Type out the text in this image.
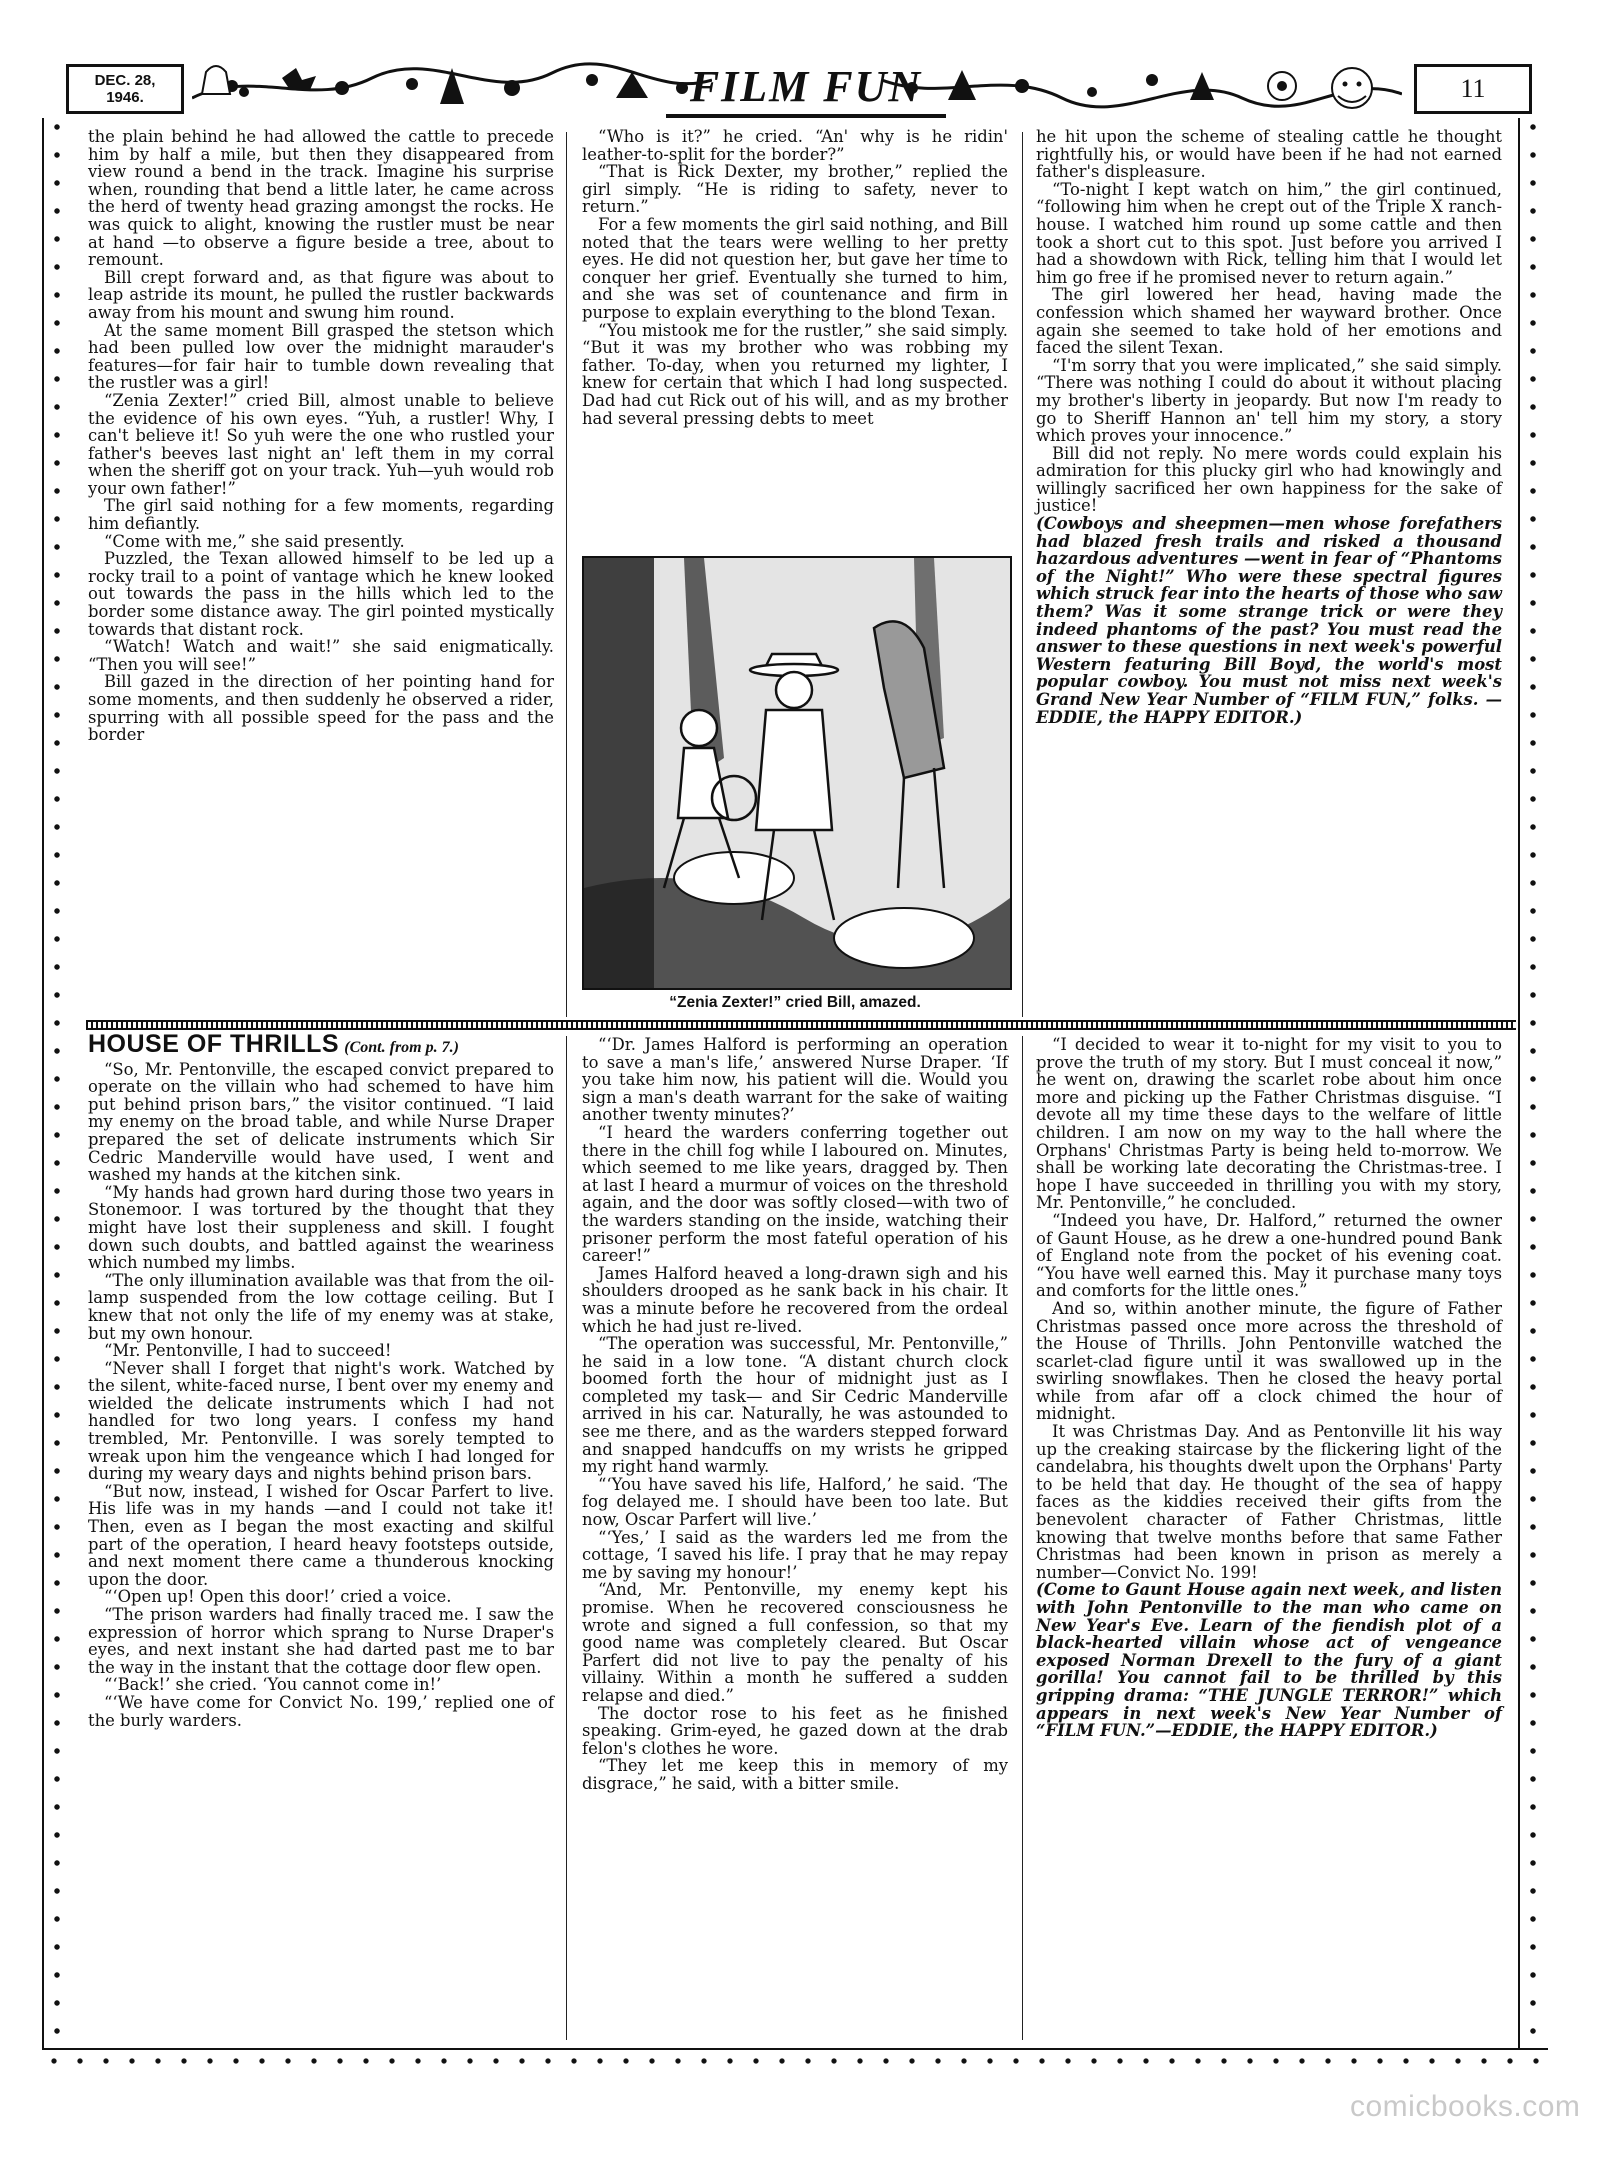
DEC. 28,
1946.	FILM FUN	11

the plain behind he had allowed the cattle to precede him by half a mile, but then they disappeared from view round a bend in the track. Imagine his surprise when, rounding that bend a little later, he came across the herd of twenty head grazing amongst the rocks. He was quick to alight, knowing the rustler must be near at hand —to observe a figure beside a tree, about to remount.

Bill crept forward and, as that figure was about to leap astride its mount, he pulled the rustler backwards away from his mount and swung him round.

At the same moment Bill grasped the stetson which had been pulled low over the midnight marauder's features—for fair hair to tumble down revealing that the rustler was a girl!

“Zenia Zexter!” cried Bill, almost unable to believe the evidence of his own eyes. “Yuh, a rustler! Why, I can't believe it! So yuh were the one who rustled your father's beeves last night an' left them in my corral when the sheriff got on your track. Yuh—yuh would rob your own father!”

The girl said nothing for a few moments, regarding him defiantly.

“Come with me,” she said presently.

Puzzled, the Texan allowed himself to be led up a rocky trail to a point of vantage which he knew looked out towards the pass in the hills which led to the border some distance away. The girl pointed mystically towards that distant rock.

“Watch! Watch and wait!” she said enigmatically. “Then you will see!”

Bill gazed in the direction of her pointing hand for some moments, and then suddenly he observed a rider, spurring with all possible speed for the pass and the border

“Who is it?” he cried. “An' why is he ridin' leather-to-split for the border?”

“That is Rick Dexter, my brother,” replied the girl simply. “He is riding to safety, never to return.”

For a few moments the girl said nothing, and Bill noted that the tears were welling to her pretty eyes. He did not question her, but gave her time to conquer her grief. Eventually she turned to him, and she was set of countenance and firm in purpose to explain everything to the blond Texan.

“You mistook me for the rustler,” she said simply. “But it was my brother who was robbing my father. To-day, when you returned my lighter, I knew for certain that which I had long suspected. Dad had cut Rick out of his will, and as my brother had several pressing debts to meet

he hit upon the scheme of stealing cattle he thought rightfully his, or would have been if he had not earned father's displeasure.

“To-night I kept watch on him,” the girl continued, “following him when he crept out of the Triple X ranch-house. I watched him round up some cattle and then took a short cut to this spot. Just before you arrived I had a showdown with Rick, telling him that I would let him go free if he promised never to return again.”

The girl lowered her head, having made the confession which shamed her wayward brother. Once again she seemed to take hold of her emotions and faced the silent Texan.

“I'm sorry that you were implicated,” she said simply. “There was nothing I could do about it without placing my brother's liberty in jeopardy. But now I'm ready to go to Sheriff Hannon an' tell him my story, a story which proves your innocence.”

Bill did not reply. No mere words could explain his admiration for this plucky girl who had knowingly and willingly sacrificed her own happiness for the sake of justice!

(Cowboys and sheepmen—men whose forefathers had blazed fresh trails and risked a thousand hazardous adventures —went in fear of “Phantoms of the Night!” Who were these spectral figures which struck fear into the hearts of those who saw them? Was it some strange trick or were they indeed phantoms of the past? You must read the answer to these questions in next week's powerful Western featuring Bill Boyd, the world's most popular cowboy. You must not miss next week's Grand New Year Number of “FILM FUN,” folks. —EDDIE, the HAPPY EDITOR.)

“Zenia Zexter!” cried Bill, amazed.
HOUSE OF THRILLS (Cont. from p. 7.)

“So, Mr. Pentonville, the escaped convict prepared to operate on the villain who had schemed to have him put behind prison bars,” the visitor continued. “I laid my enemy on the broad table, and while Nurse Draper prepared the set of delicate instruments which Sir Cedric Manderville would have used, I went and washed my hands at the kitchen sink.

“My hands had grown hard during those two years in Stonemoor. I was tortured by the thought that they might have lost their suppleness and skill. I fought down such doubts, and battled against the weariness which numbed my limbs.

“The only illumination available was that from the oil-lamp suspended from the low cottage ceiling. But I knew that not only the life of my enemy was at stake, but my own honour.

“Mr. Pentonville, I had to succeed!

“Never shall I forget that night's work. Watched by the silent, white-faced nurse, I bent over my enemy and wielded the delicate instruments which I had not handled for two long years. I confess my hand trembled, Mr. Pentonville. I was sorely tempted to wreak upon him the vengeance which I had longed for during my weary days and nights behind prison bars.

“But now, instead, I wished for Oscar Parfert to live. His life was in my hands —and I could not take it! Then, even as I began the most exacting and skilful part of the operation, I heard heavy footsteps outside, and next moment there came a thunderous knocking upon the door.

“‘Open up! Open this door!’ cried a voice.

“The prison warders had finally traced me. I saw the expression of horror which sprang to Nurse Draper's eyes, and next instant she had darted past me to bar the way in the instant that the cottage door flew open.

“‘Back!’ she cried. ‘You cannot come in!’

“‘We have come for Convict No. 199,’ replied one of the burly warders.

“‘Dr. James Halford is performing an operation to save a man's life,’ answered Nurse Draper. ‘If you take him now, his patient will die. Would you sign a man's death warrant for the sake of waiting another twenty minutes?’

“I heard the warders conferring together out there in the chill fog while I laboured on. Minutes, which seemed to me like years, dragged by. Then at last I heard a murmur of voices on the threshold again, and the door was softly closed—with two of the warders standing on the inside, watching their prisoner perform the most fateful operation of his career!”

James Halford heaved a long-drawn sigh and his shoulders drooped as he sank back in his chair. It was a minute before he recovered from the ordeal which he had just re-lived.

“The operation was successful, Mr. Pentonville,” he said in a low tone. “A distant church clock boomed forth the hour of midnight just as I completed my task— and Sir Cedric Manderville arrived in his car. Naturally, he was astounded to see me there, and as the warders stepped forward and snapped handcuffs on my wrists he gripped my right hand warmly.

“‘You have saved his life, Halford,’ he said. ‘The fog delayed me. I should have been too late. But now, Oscar Parfert will live.’

“‘Yes,’ I said as the warders led me from the cottage, ‘I saved his life. I pray that he may repay me by saving my honour!’

“And, Mr. Pentonville, my enemy kept his promise. When he recovered consciousness he wrote and signed a full confession, so that my good name was completely cleared. But Oscar Parfert did not live to pay the penalty of his villainy. Within a month he suffered a sudden relapse and died.”

The doctor rose to his feet as he finished speaking. Grim-eyed, he gazed down at the drab felon's clothes he wore.

“They let me keep this in memory of my disgrace,” he said, with a bitter smile.

“I decided to wear it to-night for my visit to you to prove the truth of my story. But I must conceal it now,” he went on, drawing the scarlet robe about him once more and picking up the Father Christmas disguise. “I devote all my time these days to the welfare of little children. I am now on my way to the hall where the Orphans' Christmas Party is being held to-morrow. We shall be working late decorating the Christmas-tree. I hope I have succeeded in thrilling you with my story, Mr. Pentonville,” he concluded.

“Indeed you have, Dr. Halford,” returned the owner of Gaunt House, as he drew a one-hundred pound Bank of England note from the pocket of his evening coat. “You have well earned this. May it purchase many toys and comforts for the little ones.”

And so, within another minute, the figure of Father Christmas passed once more across the threshold of the House of Thrills. John Pentonville watched the scarlet-clad figure until it was swallowed up in the swirling snowflakes. Then he closed the heavy portal while from afar off a clock chimed the hour of midnight.

It was Christmas Day. And as Pentonville lit his way up the creaking staircase by the flickering light of the candelabra, his thoughts dwelt upon the Orphans' Party to be held that day. He thought of the sea of happy faces as the kiddies received their gifts from the benevolent character of Father Christmas, little knowing that twelve months before that same Father Christmas had been known in prison as merely a number—Convict No. 199!

(Come to Gaunt House again next week, and listen with John Pentonville to the man who came on New Year's Eve. Learn of the fiendish plot of a black-hearted villain whose act of vengeance exposed Norman Drexell to the fury of a giant gorilla! You cannot fail to be thrilled by this gripping drama: “THE JUNGLE TERROR!” which appears in next week's New Year Number of “FILM FUN.”—EDDIE, the HAPPY EDITOR.)

comicbooks.com
